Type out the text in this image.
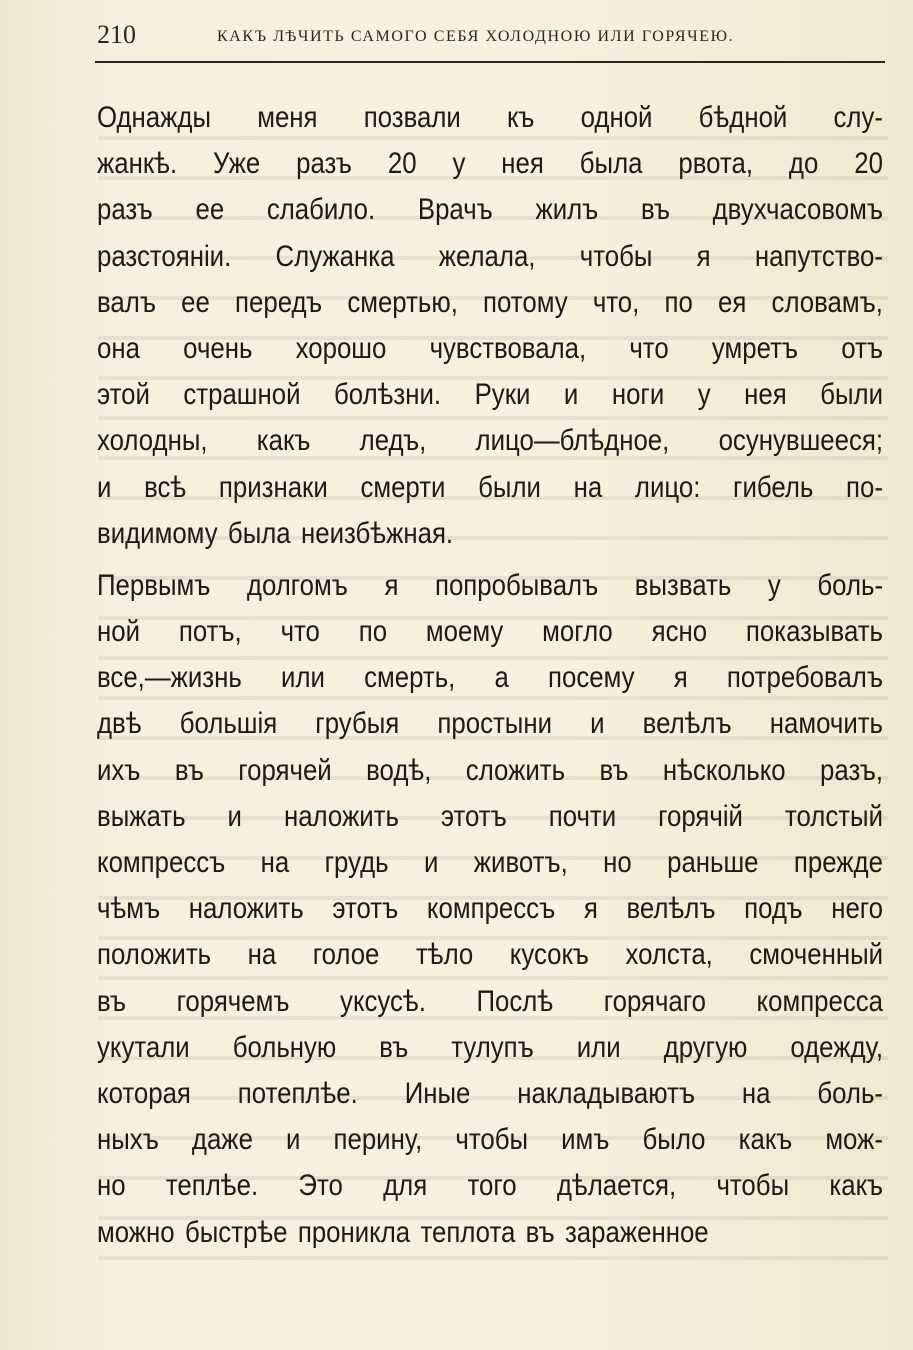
210	КАКЪ ЛѢЧИТЬ САМОГО СЕБЯ ХОЛОДНОЮ ИЛИ ГОРЯЧЕЮ.
Однажды меня позвали къ одной бѣдной слу-
жанкѣ. Уже разъ 20 у нея была рвота, до 20
разъ ее слабило. Врачъ жилъ въ двухчасовомъ
разстояніи. Служанка желала, чтобы я напутство-
валъ ее передъ смертью, потому что, по ея словамъ,
она очень хорошо чувствовала, что умретъ отъ
этой страшной болѣзни. Руки и ноги у нея были
холодны, какъ ледъ, лицо—блѣдное, осунувшееся;
и всѣ признаки смерти были на лицо: гибель по-
видимому была неизбѣжная.
Первымъ долгомъ я попробывалъ вызвать у боль-
ной потъ, что по моему могло ясно показывать
все,—жизнь или смерть, а посему я потребовалъ
двѣ большія грубыя простыни и велѣлъ намочить
ихъ въ горячей водѣ, сложить въ нѣсколько разъ,
выжать и наложить этотъ почти горячій толстый
компрессъ на грудь и животъ, но раньше прежде
чѣмъ наложить этотъ компрессъ я велѣлъ подъ него
положить на голое тѣло кусокъ холста, смоченный
въ горячемъ уксусѣ. Послѣ горячаго компресса
укутали больную въ тулупъ или другую одежду,
которая потеплѣе. Иные накладываютъ на боль-
ныхъ даже и перину, чтобы имъ было какъ мож-
но теплѣе. Это для того дѣлается, чтобы какъ
можно быстрѣе проникла теплота въ зараженное
